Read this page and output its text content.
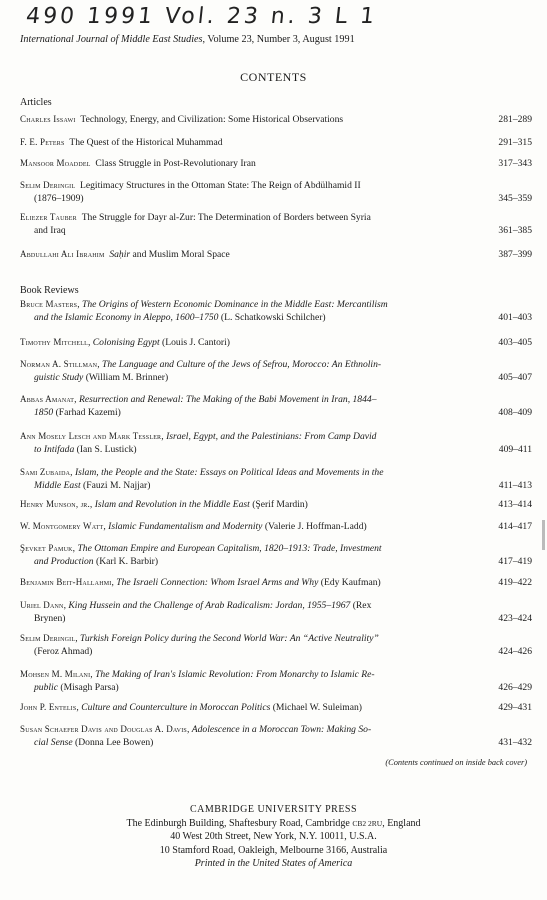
490 1991 Vol. 23 n. 3 L 1
International Journal of Middle East Studies, Volume 23, Number 3, August 1991
CONTENTS
Articles
Charles Issawi  Technology, Energy, and Civilization: Some Historical Observations	281–289
F. E. Peters  The Quest of the Historical Muhammad	291–315
Mansoor Moaddel  Class Struggle in Post-Revolutionary Iran	317–343
Selim Deringil  Legitimacy Structures in the Ottoman State: The Reign of Abdülhamid II
(1876–1909)	345–359
Eliezer Tauber  The Struggle for Dayr al-Zur: The Determination of Borders between Syria
and Iraq	361–385
Abdullahi Ali Ibrahim  Saḥir and Muslim Moral Space	387–399
Book Reviews
Bruce Masters, The Origins of Western Economic Dominance in the Middle East: Mercantilism
and the Islamic Economy in Aleppo, 1600–1750 (L. Schatkowski Schilcher)	401–403
Timothy Mitchell, Colonising Egypt (Louis J. Cantori)	403–405
Norman A. Stillman, The Language and Culture of the Jews of Sefrou, Morocco: An Ethnolin-
guistic Study (William M. Brinner)	405–407
Abbas Amanat, Resurrection and Renewal: The Making of the Babi Movement in Iran, 1844–
1850 (Farhad Kazemi)	408–409
Ann Mosely Lesch and Mark Tessler, Israel, Egypt, and the Palestinians: From Camp David
to Intifada (Ian S. Lustick)	409–411
Sami Zubaida, Islam, the People and the State: Essays on Political Ideas and Movements in the
Middle East (Fauzi M. Najjar)	411–413
Henry Munson, jr., Islam and Revolution in the Middle East (Şerif Mardin)	413–414
W. Montgomery Watt, Islamic Fundamentalism and Modernity (Valerie J. Hoffman-Ladd)	414–417
Şevket Pamuk, The Ottoman Empire and European Capitalism, 1820–1913: Trade, Investment
and Production (Karl K. Barbir)	417–419
Benjamin Beit-Hallahmi, The Israeli Connection: Whom Israel Arms and Why (Edy Kaufman)	419–422
Uriel Dann, King Hussein and the Challenge of Arab Radicalism: Jordan, 1955–1967 (Rex
Brynen)	423–424
Selim Deringil, Turkish Foreign Policy during the Second World War: An “Active Neutrality”
(Feroz Ahmad)	424–426
Mohsen M. Milani, The Making of Iran's Islamic Revolution: From Monarchy to Islamic Re-
public (Misagh Parsa)	426–429
John P. Entelis, Culture and Counterculture in Moroccan Politics (Michael W. Suleiman)	429–431
Susan Schaefer Davis and Douglas A. Davis, Adolescence in a Moroccan Town: Making So-
cial Sense (Donna Lee Bowen)	431–432
(Contents continued on inside back cover)
CAMBRIDGE UNIVERSITY PRESS
The Edinburgh Building, Shaftesbury Road, Cambridge CB2 2RU, England
40 West 20th Street, New York, N.Y. 10011, U.S.A.
10 Stamford Road, Oakleigh, Melbourne 3166, Australia
Printed in the United States of America
